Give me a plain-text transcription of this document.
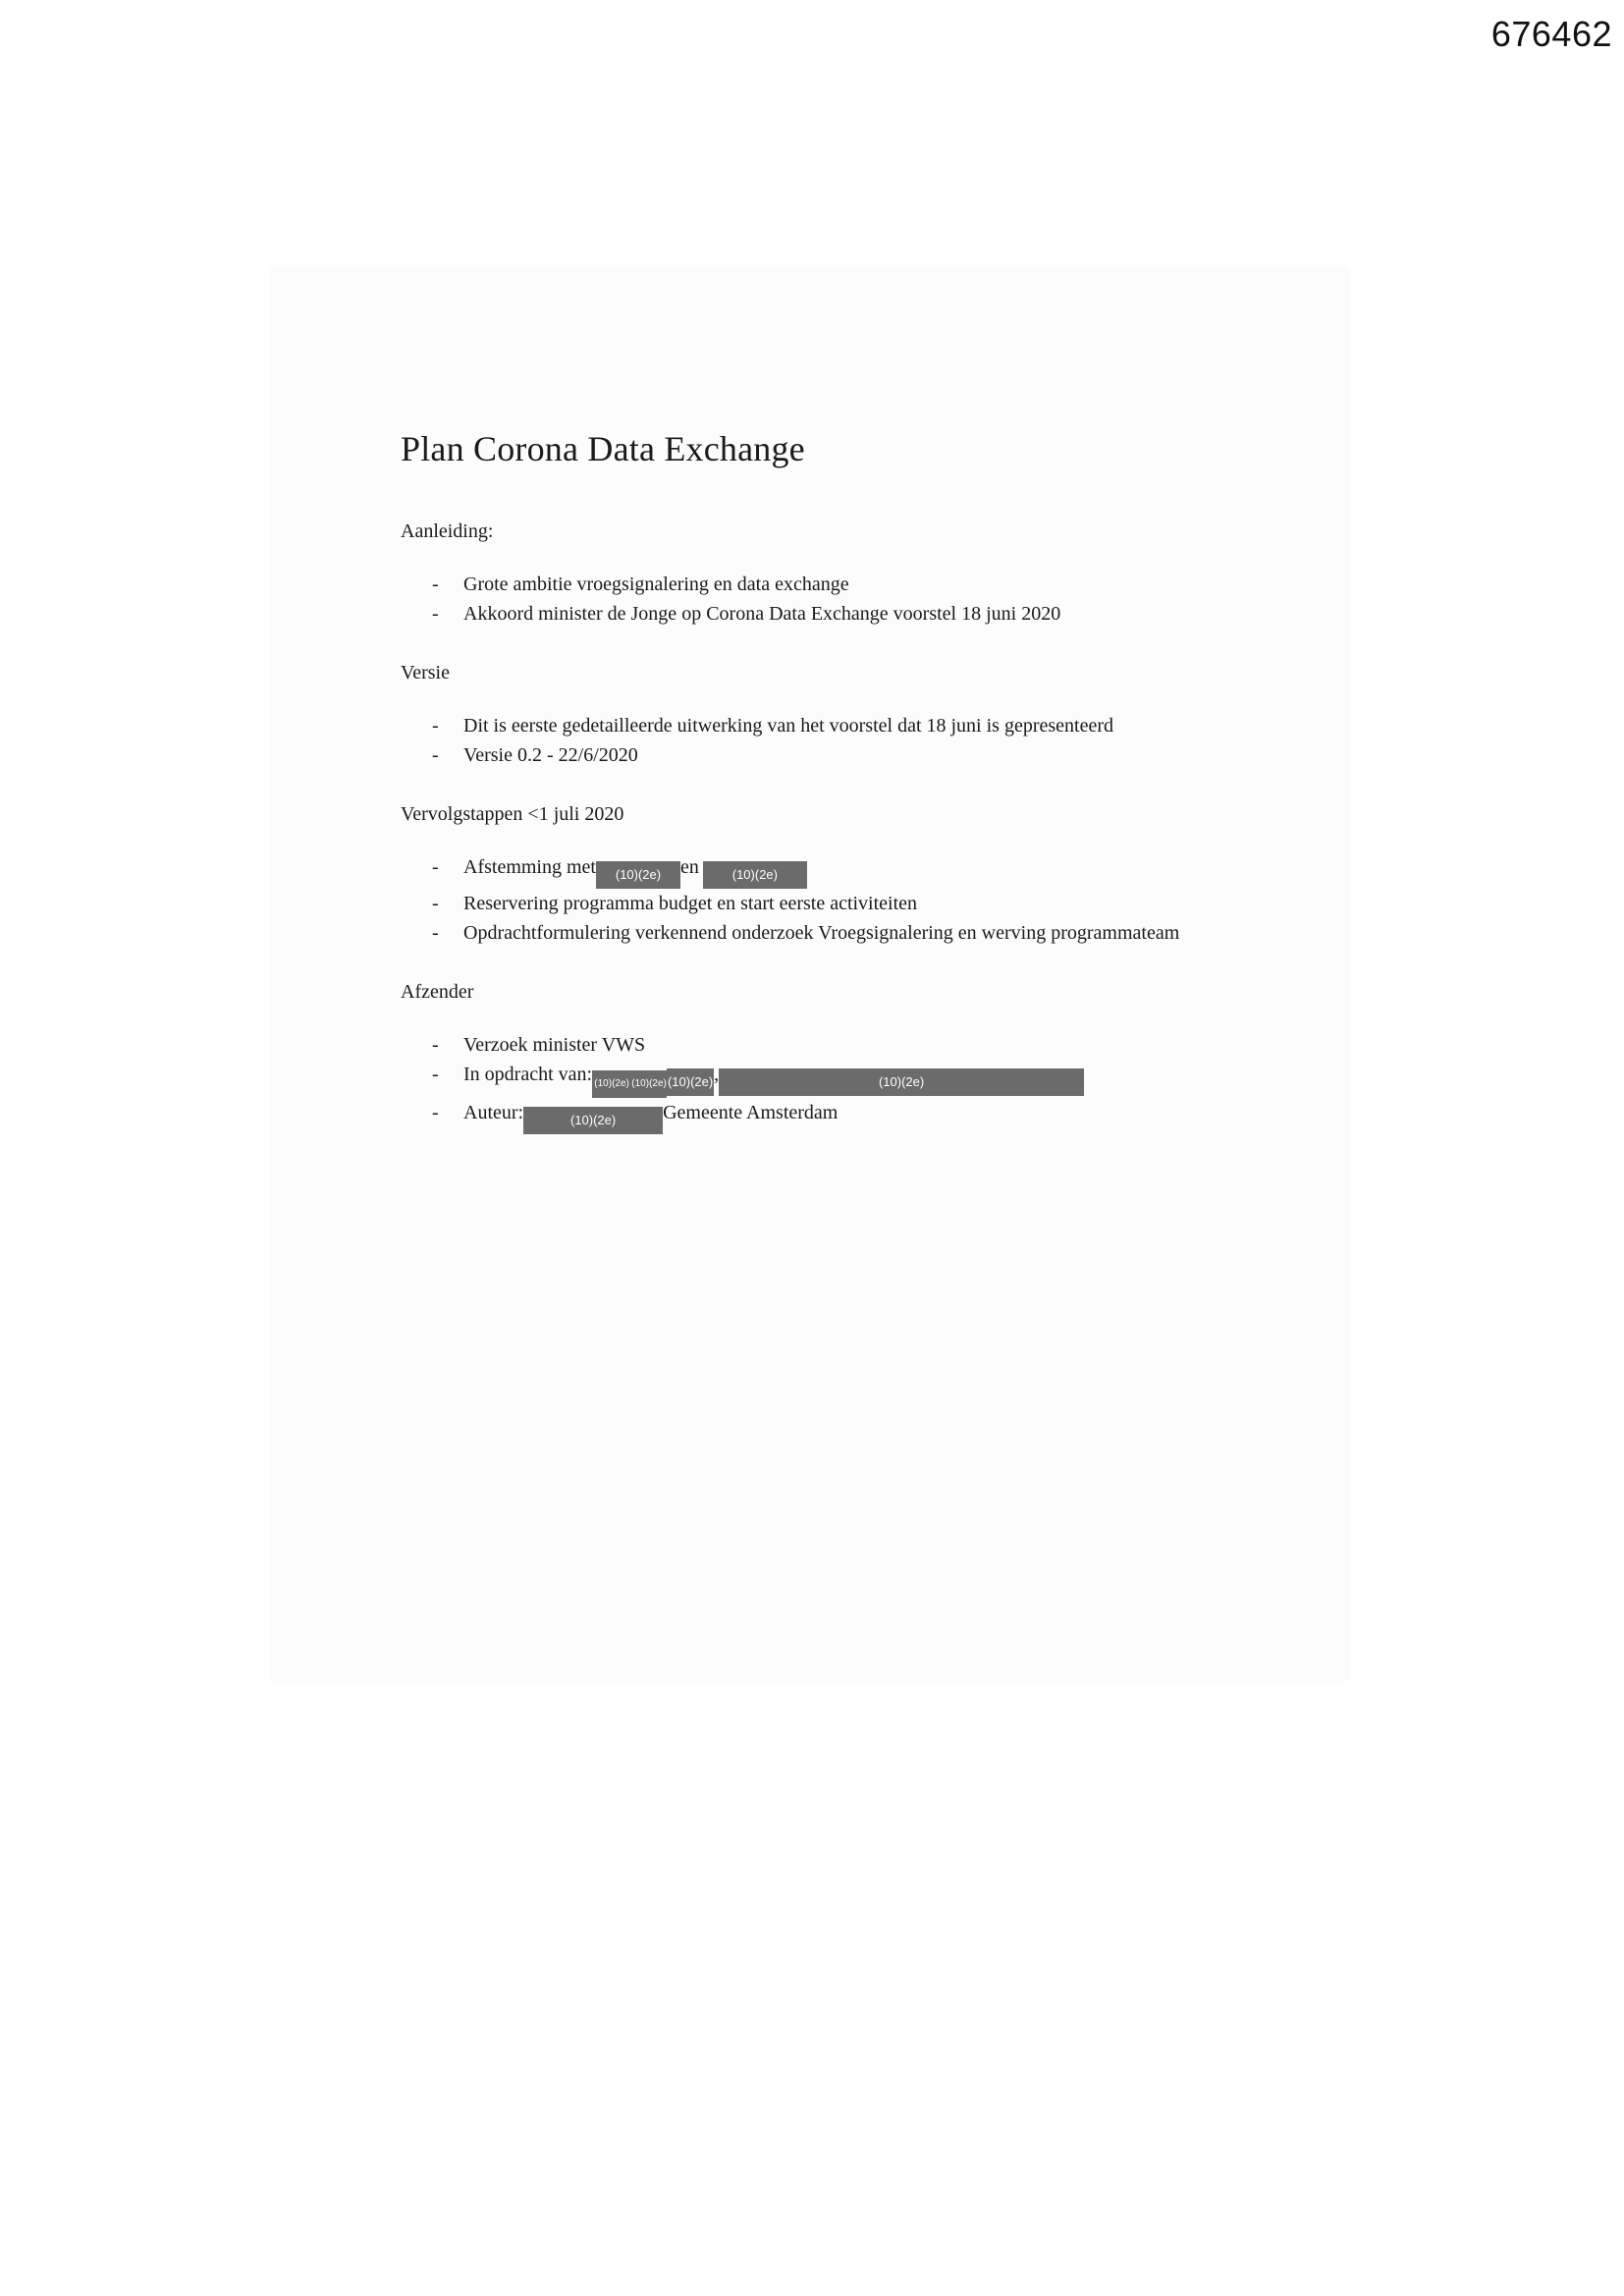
676462
Plan Corona Data Exchange

Aanleiding:

- Grote ambitie vroegsignalering en data exchange
- Akkoord minister de Jonge op Corona Data Exchange voorstel 18 juni 2020

Versie

- Dit is eerste gedetailleerde uitwerking van het voorstel dat 18 juni is gepresenteerd
- Versie 0.2 - 22/6/2020

Vervolgstappen <1 juli 2020

- Afstemming met (10)(2e) en	(10)(2e)
- Reservering programma budget en start eerste activiteiten
- Opdrachtformulering verkennend onderzoek Vroegsignalering en werving programmateam

Afzender

- Verzoek minister VWS
- In opdracht van: (10)(2e) (10)(2e)(10)(2e),	(10)(2e)
- Auteur:	(10)(2e) Gemeente Amsterdam
